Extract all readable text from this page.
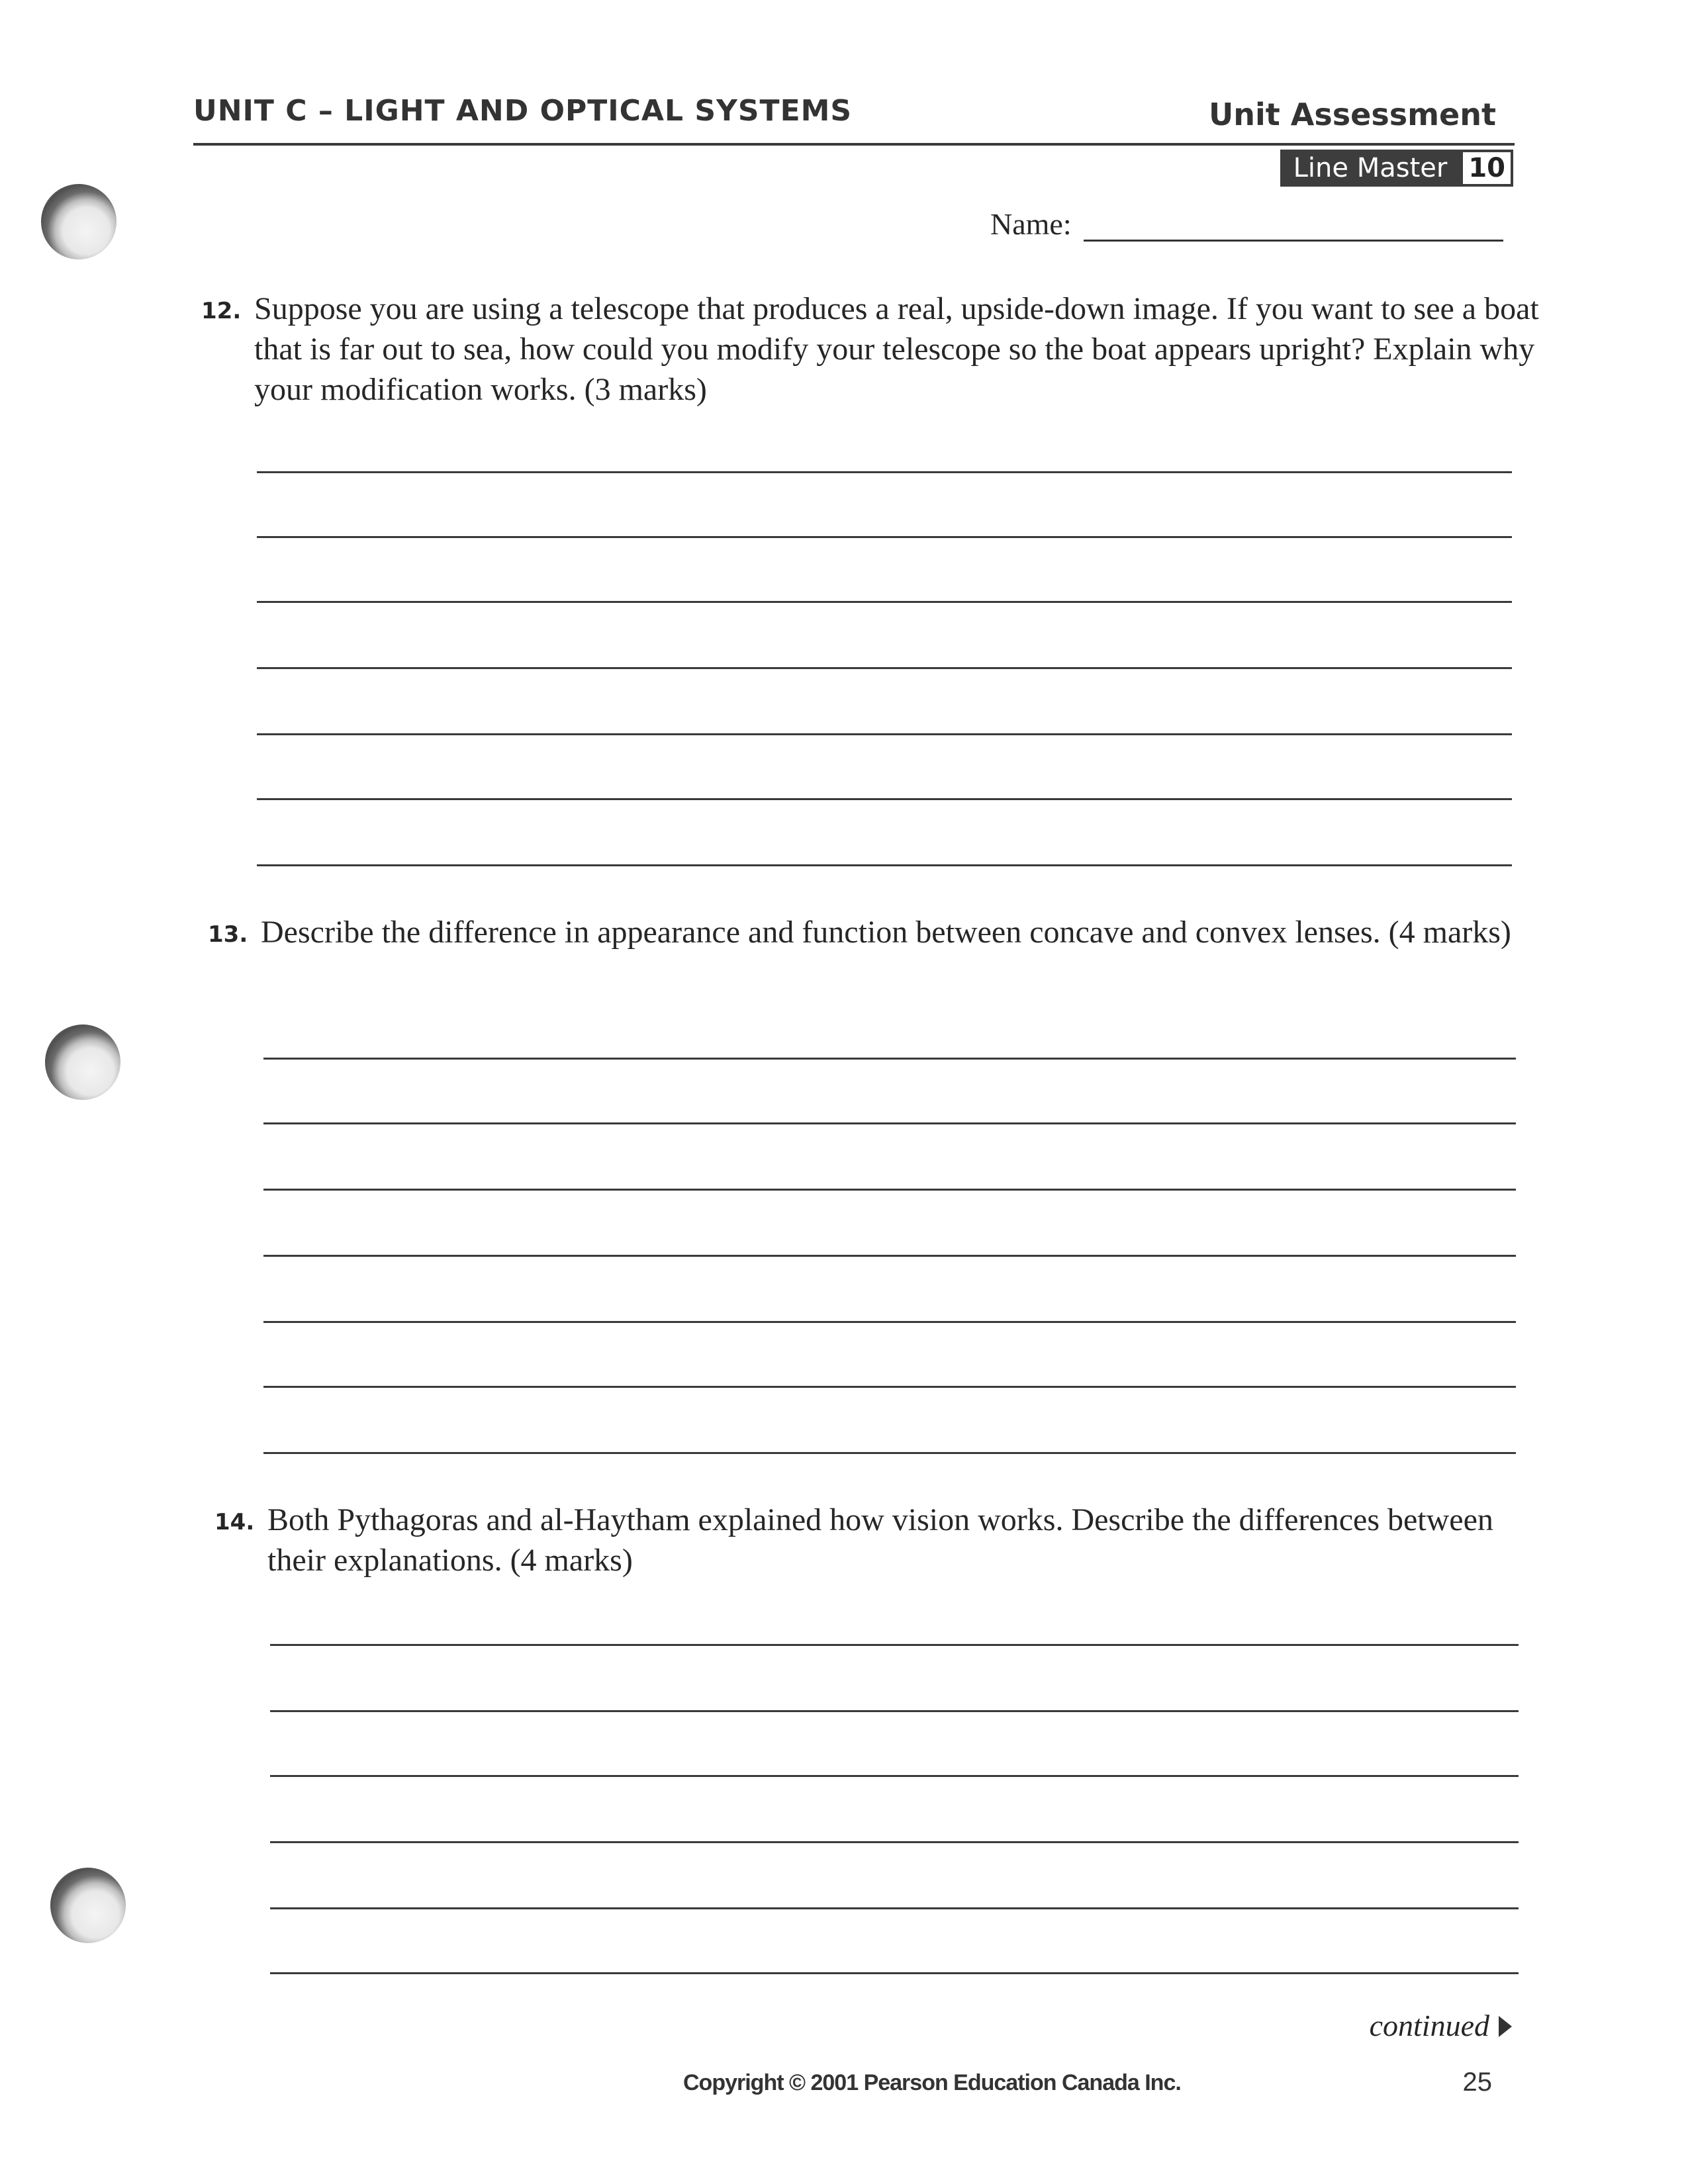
UNIT C – LIGHT AND OPTICAL SYSTEMS	Unit Assessment
Line Master 10
Name:
12. Suppose you are using a telescope that produces a real, upside-down image. If you want to see a boat that is far out to sea, how could you modify your telescope so the boat appears upright? Explain why your modification works. (3 marks)
13. Describe the difference in appearance and function between concave and convex lenses. (4 marks)
14. Both Pythagoras and al-Haytham explained how vision works. Describe the differences between their explanations. (4 marks)
continued
Copyright © 2001 Pearson Education Canada Inc.	25
